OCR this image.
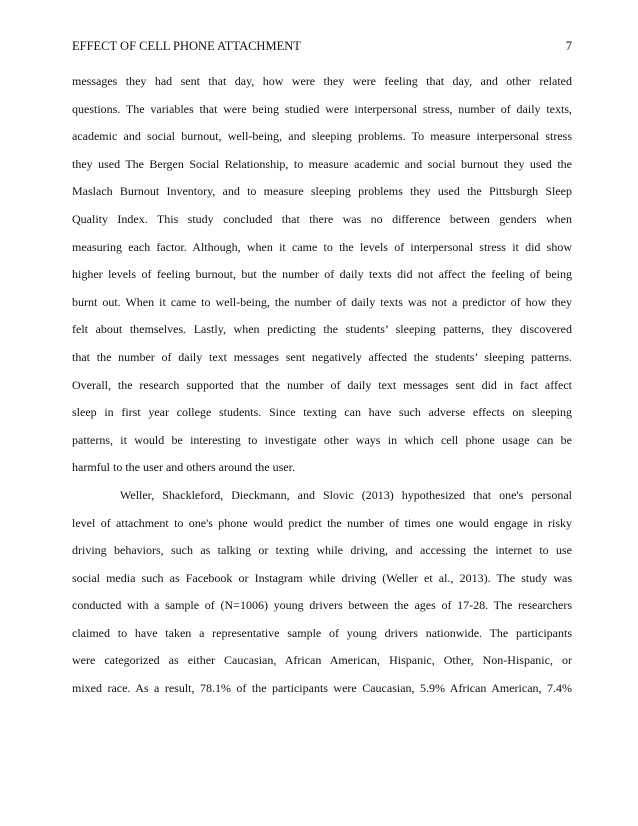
EFFECT OF CELL PHONE ATTACHMENT	7
messages they had sent that day, how were they were feeling that day, and other related
questions. The variables that were being studied were interpersonal stress, number of daily texts,
academic and social burnout, well-being, and sleeping problems. To measure interpersonal stress
they used The Bergen Social Relationship, to measure academic and social burnout they used the
Maslach Burnout Inventory, and to measure sleeping problems they used the Pittsburgh Sleep
Quality Index. This study concluded that there was no difference between genders when
measuring each factor. Although, when it came to the levels of interpersonal stress it did show
higher levels of feeling burnout, but the number of daily texts did not affect the feeling of being
burnt out. When it came to well-being, the number of daily texts was not a predictor of how they
felt about themselves. Lastly, when predicting the students’ sleeping patterns, they discovered
that the number of daily text messages sent negatively affected the students’ sleeping patterns.
Overall, the research supported that the number of daily text messages sent did in fact affect
sleep in first year college students. Since texting can have such adverse effects on sleeping
patterns, it would be interesting to investigate other ways in which cell phone usage can be
harmful to the user and others around the user.
Weller, Shackleford, Dieckmann, and Slovic (2013) hypothesized that one's personal
level of attachment to one's phone would predict the number of times one would engage in risky
driving behaviors, such as talking or texting while driving, and accessing the internet to use
social media such as Facebook or Instagram while driving (Weller et al., 2013). The study was
conducted with a sample of (N=1006) young drivers between the ages of 17-28. The researchers
claimed to have taken a representative sample of young drivers nationwide. The participants
were categorized as either Caucasian, African American, Hispanic, Other, Non-Hispanic, or
mixed race. As a result, 78.1% of the participants were Caucasian, 5.9% African American, 7.4%
